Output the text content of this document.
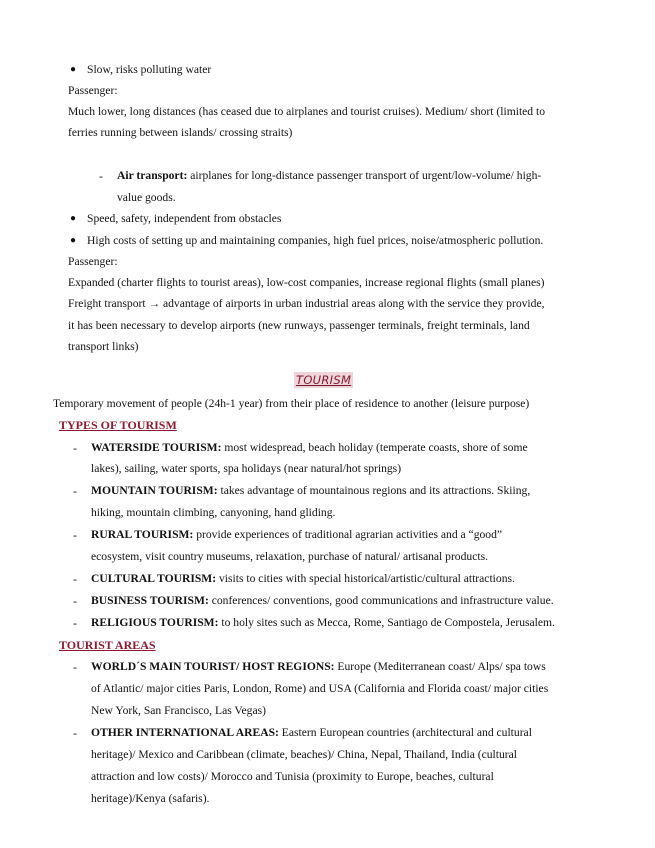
● Slow, risks polluting water
Passenger:
Much lower, long distances (has ceased due to airplanes and tourist cruises). Medium/ short (limited to
ferries running between islands/ crossing straits)
- Air transport: airplanes for long-distance passenger transport of urgent/low-volume/ high-
value goods.
● Speed, safety, independent from obstacles
● High costs of setting up and maintaining companies, high fuel prices, noise/atmospheric pollution.
Passenger:
Expanded (charter flights to tourist areas), low-cost companies, increase regional flights (small planes)
Freight transport → advantage of airports in urban industrial areas along with the service they provide,
it has been necessary to develop airports (new runways, passenger terminals, freight terminals, land
transport links)
TOURISM
Temporary movement of people (24h-1 year) from their place of residence to another (leisure purpose)
TYPES OF TOURISM
- WATERSIDE TOURISM: most widespread, beach holiday (temperate coasts, shore of some
lakes), sailing, water sports, spa holidays (near natural/hot springs)
- MOUNTAIN TOURISM: takes advantage of mountainous regions and its attractions. Skiing,
hiking, mountain climbing, canyoning, hand gliding.
- RURAL TOURISM: provide experiences of traditional agrarian activities and a “good”
ecosystem, visit country museums, relaxation, purchase of natural/ artisanal products.
- CULTURAL TOURISM: visits to cities with special historical/artistic/cultural attractions.
- BUSINESS TOURISM: conferences/ conventions, good communications and infrastructure value.
- RELIGIOUS TOURISM: to holy sites such as Mecca, Rome, Santiago de Compostela, Jerusalem.
TOURIST AREAS
- WORLD´S MAIN TOURIST/ HOST REGIONS: Europe (Mediterranean coast/ Alps/ spa tows
of Atlantic/ major cities Paris, London, Rome) and USA (California and Florida coast/ major cities
New York, San Francisco, Las Vegas)
- OTHER INTERNATIONAL AREAS: Eastern European countries (architectural and cultural
heritage)/ Mexico and Caribbean (climate, beaches)/ China, Nepal, Thailand, India (cultural
attraction and low costs)/ Morocco and Tunisia (proximity to Europe, beaches, cultural
heritage)/Kenya (safaris).
